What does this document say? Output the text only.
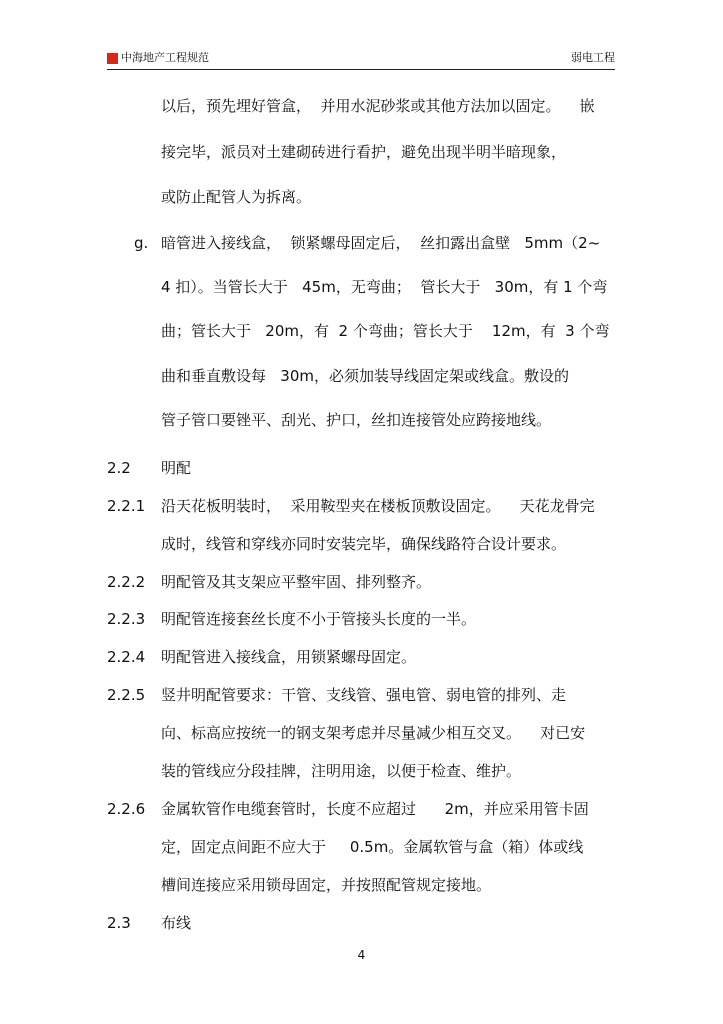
中海地产工程规范	弱电工程
g.
2.2
2.2.1
2.2.2
2.2.3
2.2.4
2.2.5
2.2.6
2.3
以后，预先埋好管盒，  并用水泥砂浆或其他方法加以固定。    嵌
接完毕，派员对土建砌砖进行看护，避免出现半明半暗现象，
或防止配管人为拆离。
暗管进入接线盒，  锁紧螺母固定后，  丝扣露出盒壁   5mm（2~
4 扣）。当管长大于   45m，无弯曲；  管长大于   30m，有 1 个弯
曲；管长大于   20m，有  2 个弯曲；管长大于    12m，有  3 个弯
曲和垂直敷设每   30m，必须加装导线固定架或线盒。敷设的
管子管口要锉平、刮光、护口，丝扣连接管处应跨接地线。
明配
沿天花板明装时，  采用鞍型夹在楼板顶敷设固定。    天花龙骨完
成时，线管和穿线亦同时安装完毕，确保线路符合设计要求。
明配管及其支架应平整牢固、排列整齐。
明配管连接套丝长度不小于管接头长度的一半。
明配管进入接线盒，用锁紧螺母固定。
竖井明配管要求：干管、支线管、强电管、弱电管的排列、走
向、标高应按统一的钢支架考虑并尽量减少相互交叉。    对已安
装的管线应分段挂牌，注明用途，以便于检查、维护。
金属软管作电缆套管时，长度不应超过      2m，并应采用管卡固
定，固定点间距不应大于     0.5m。金属软管与盒（箱）体或线
槽间连接应采用锁母固定，并按照配管规定接地。
布线
4
